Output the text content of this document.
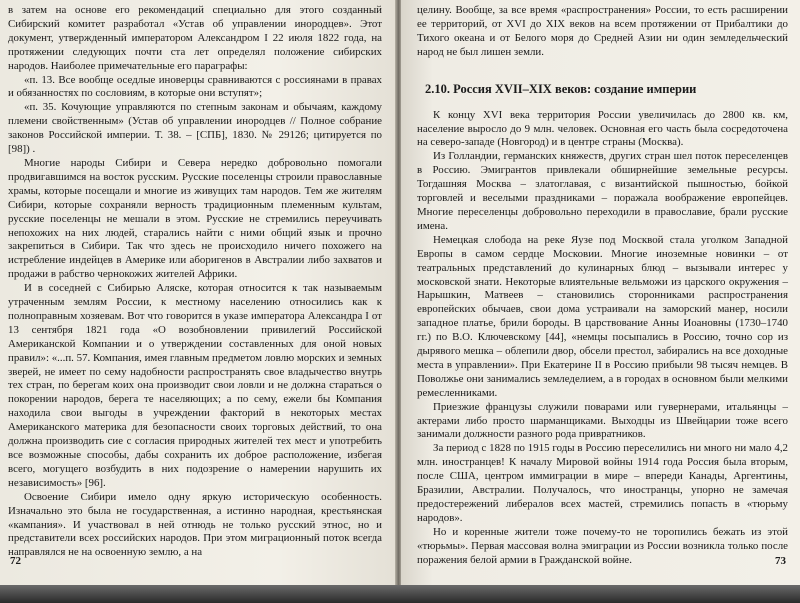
в затем на основе его рекомендаций специально для этого созданный Сибирский комитет разработал «Устав об управлении инородцев». Этот документ, утвержденный императором Александром I 22 июля 1822 года, на протяжении следующих почти ста лет определял положение сибирских народов. Наиболее примечательные его параграфы:

«п. 13. Все вообще оседлые иноверцы сравниваются с россиянами в правах и обязанностях по сословиям, в которые они вступят»;

«п. 35. Кочующие управляются по степным законам и обычаям, каждому племени свойственным» (Устав об управлении инородцев // Полное собрание законов Российской империи. Т. 38. – [СПБ], 1830. № 29126; цитируется по [98]) .

Многие народы Сибири и Севера нередко добровольно помогали продвигавшимся на восток русским. Русские поселенцы строили православные храмы, которые посещали и многие из живущих там народов. Тем же жителям Сибири, которые сохраняли верность традиционным племенным культам, русские поселенцы не мешали в этом. Русские не стремились переучивать непохожих на них людей, старались найти с ними общий язык и прочно закрепиться в Сибири. Так что здесь не происходило ничего похожего на истребление индейцев в Америке или аборигенов в Австралии либо захватов и продажи в рабство чернокожих жителей Африки.

И в соседней с Сибирью Аляске, которая относится к так называемым утраченным землям России, к местному населению относились как к полноправным хозяевам. Вот что говорится в указе императора Александра I от 13 сентября 1821 года «О возобновлении привилегий Российской Американской Компании и о утверждении составленных для оной новых правил»: «...п. 57. Компания, имея главным предметом ловлю морских и земных зверей, не имеет по сему надобности распространять свое владычество внутрь тех стран, по берегам коих она производит свои ловли и не должна стараться о покорении народов, берега те населяющих; а по сему, ежели бы Компания находила свои выгоды в учреждении факторий в некоторых местах Американского материка для безопасности своих торговых действий, то она должна производить сие с согласия природных жителей тех мест и употребить все возможные способы, дабы сохранить их доброе расположение, избегая всего, могущего возбудить в них подозрение о намерении нарушить их независимость» [96].

Освоение Сибири имело одну яркую историческую особенность. Изначально это была не государственная, а истинно народная, крестьянская «кампания». И участвовал в ней отнюдь не только русский этнос, но и представители всех российских народов. При этом миграционный поток всегда направлялся не на освоенную землю, а на

72

целину. Вообще, за все время «распространения» России, то есть расширении ее территорий, от XVI до XIX веков на всем протяжении от Прибалтики до Тихого океана и от Белого моря до Средней Азии ни один земледельческий народ не был лишен земли.

2.10. Россия XVII–XIX веков: создание империи

К концу XVI века территория России увеличилась до 2800 кв. км, население выросло до 9 млн. человек. Основная его часть была сосредоточена на северо-западе (Новгород) и в центре страны (Москва).

Из Голландии, германских княжеств, других стран шел поток переселенцев в Россию. Эмигрантов привлекали обширнейшие земельные ресурсы. Тогдашняя Москва – златоглавая, с византийской пышностью, бойкой торговлей и веселыми праздниками – поражала воображение европейцев. Многие переселенцы добровольно переходили в православие, брали русские имена.

Немецкая слобода на реке Яузе под Москвой стала уголком Западной Европы в самом сердце Московии. Многие иноземные новинки – от театральных представлений до кулинарных блюд – вызывали интерес у московской знати. Некоторые влиятельные вельможи из царского окружения – Нарышкин, Матвеев – становились сторонниками распространения европейских обычаев, свои дома устраивали на заморский манер, носили западное платье, брили бороды. В царствование Анны Иоановны (1730–1740 гг.) по В.О. Ключевскому [44], «немцы посыпались в Россию, точно сор из дырявого мешка – облепили двор, обсели престол, забирались на все доходные места в управлении». При Екатерине II в Россию прибыли 98 тысяч немцев. В Поволжье они занимались земледелием, а в городах в основном были мелкими ремесленниками.

Приезжие французы служили поварами или гувернерами, итальянцы – актерами либо просто шарманщиками. Выходцы из Швейцарии тоже всего занимали должности разного рода привратников.

За период с 1828 по 1915 годы в Россию переселились ни много ни мало 4,2 млн. иностранцев! К началу Мировой войны 1914 года Россия была вторым, после США, центром иммиграции в мире – впереди Канады, Аргентины, Бразилии, Австралии. Получалось, что иностранцы, упорно не замечая предостережений либералов всех мастей, стремились попасть в «тюрьму народов».

Но и коренные жители тоже почему-то не торопились бежать из этой «тюрьмы». Первая массовая волна эмиграции из России возникла только после поражения белой армии в Гражданской войне.	73
